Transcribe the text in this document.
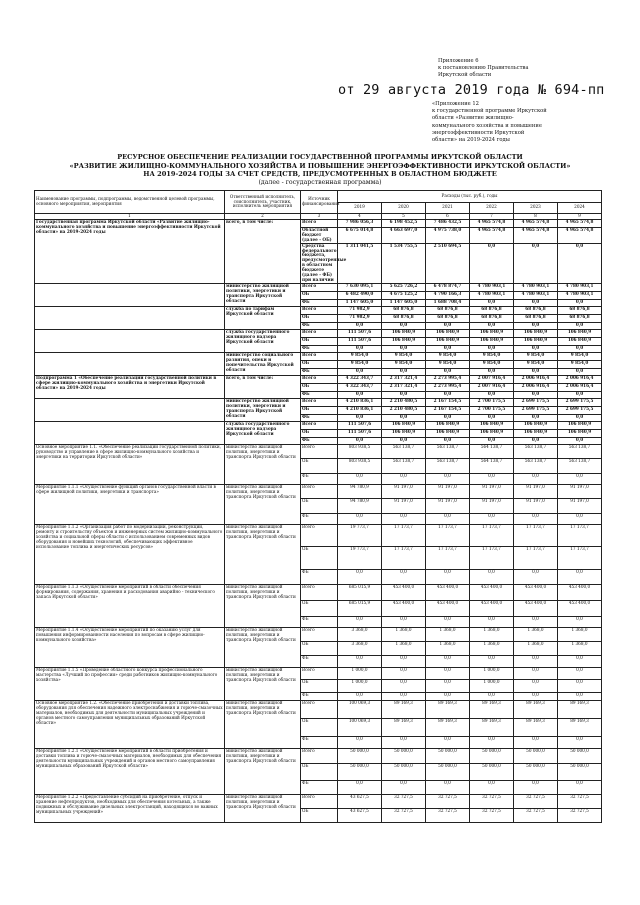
Приложение 6
к постановлению Правительства
Иркутской области
от 29 августа 2019 года № 694-пп
«Приложение 12
к государственной программе Иркутской
области «Развитие жилищно-
коммунального хозяйства и повышение
энергоэффективности Иркутской
области» на 2019-2024 годы
РЕСУРСНОЕ ОБЕСПЕЧЕНИЕ РЕАЛИЗАЦИИ ГОСУДАРСТВЕННОЙ ПРОГРАММЫ ИРКУТСКОЙ ОБЛАСТИ
«РАЗВИТИЕ ЖИЛИЩНО-КОММУНАЛЬНОГО ХОЗЯЙСТВА И ПОВЫШЕНИЕ ЭНЕРГОЭФФЕКТИВНОСТИ ИРКУТСКОЙ ОБЛАСТИ»
НА 2019-2024 ГОДЫ ЗА СЧЕТ СРЕДСТВ, ПРЕДУСМОТРЕННЫХ В ОБЛАСТНОМ БЮДЖЕТЕ
(далее - государственная программа)
Наименование программы, подпрограммы, ведомственной целевой программы, основного мероприятия, мероприятия	Ответственный исполнитель, соисполнитель, участник, исполнитель мероприятия	Источник финансирования	Расходы (тыс. руб.), годы					
			2019	2020	2021	2022	2023	2024
1	2	3	4	5	6	7	8	9
Государственная программа Иркутской области «Развитие жилищно-коммунального хозяйства и повышение энергоэффективности Иркутской области» на 2019-2024 годы	всего, в том числе:	Всего	7 986 056,3	6 198 452,5	7 486 432,5	4 965 574,8	4 965 574,8	4 965 574,8
		Областной бюджет (далее - ОБ)	6 675 014,8	4 663 697,0	4 975 738,0	4 965 574,8	4 965 574,8	4 965 574,8
		Средства федерального бюджета, предусмотренные в областном бюджете (далее - ФБ) при наличии	1 311 041,5	1 534 755,5	2 510 694,5	0,0	0,0	0,0
	министерство жилищной политики, энергетики и транспорта Иркутской области	Всего	7 630 095,1	5 625 726,2	6 478 874,7	4 780 903,1	4 780 903,1	4 780 903,1
		ОБ	6 482 490,0	4 675 125,2	4 790 166,3	4 780 903,1	4 780 903,1	4 780 903,1
		ФБ	1 147 605,0	1 147 605,0	1 688 708,4	0,0	0,0	0,0
	служба по тарифам Иркутской области	Всего	71 982,9	68 876,8	68 876,8	68 876,8	68 876,8	68 876,8
		ОБ	71 982,9	68 876,8	68 876,8	68 876,8	68 876,8	68 876,8
		ФБ	0,0	0,0	0,0	0,0	0,0	0,0
	служба государственного жилищного надзора Иркутской области	Всего	111 507,6	106 840,9	106 840,9	106 840,9	106 840,9	106 840,9
		ОБ	111 507,6	106 840,9	106 840,9	106 840,9	106 840,9	106 840,9
		ФБ	0,0	0,0	0,0	0,0	0,0	0,0
	министерство социального развития, опеки и попечительства Иркутской области	Всего	9 854,0	9 854,0	9 854,0	9 854,0	9 854,0	9 854,0
		ОБ	9 854,0	9 854,0	9 854,0	9 854,0	9 854,0	9 854,0
		ФБ	0,0	0,0	0,0	0,0	0,0	0,0
Подпрограмма 1 «Обеспечение реализации государственной политики в сфере жилищно-коммунального хозяйства и энергетики Иркутской области» на 2019-2024 годы	всего, в том числе:	Всего	4 322 343,7	2 317 321,4	2 273 995,4	2 007 916,4	2 006 916,4	2 006 916,4
		ОБ	4 322 343,7	2 317 321,4	2 273 995,4	2 007 916,4	2 006 916,4	2 006 916,4
		ФБ	0,0	0,0	0,0	0,0	0,0	0,0
	министерство жилищной политики, энергетики и транспорта Иркутской области	Всего	4 210 836,1	2 210 480,5	2 167 154,5	2 700 175,5	2 699 175,5	2 699 175,5
		ОБ	4 210 836,1	2 210 480,5	2 167 154,5	2 700 175,5	2 699 175,5	2 699 175,5
		ФБ	0,0	0,0	0,0	0,0	0,0	0,0
	служба государственного жилищного надзора Иркутской области	Всего	111 507,6	106 840,9	106 840,9	106 840,9	106 840,9	106 840,9
		ОБ	111 507,6	106 840,9	106 840,9	106 840,9	106 840,9	106 840,9
		ФБ	0,0	0,0	0,0	0,0	0,0	0,0
Основное мероприятие 1.1. «Обеспечение реализации государственной политики, руководство и управление в сфере жилищно-коммунального хозяйства и энергетики на территории Иркутской области»	министерство жилищной политики, энергетики и транспорта Иркутской области	Всего	803 938,5	563 138,7	563 138,7	564 138,7	563 138,7	563 138,7
		ОБ	803 938,5	563 138,7	563 138,7	564 138,7	563 138,7	563 138,7
		ФБ	0,0	0,0	0,0	0,0	0,0	0,0
Мероприятие 1.1.1 «Осуществление функций органов государственной власти в сфере жилищной политики, энергетики и транспорта»	министерство жилищной политики, энергетики и транспорта Иркутской области	Всего	94 780,9	91 197,0	91 197,0	91 197,0	91 197,0	91 197,0
		ОБ	94 780,9	91 197,0	91 197,0	91 197,0	91 197,0	91 197,0
		ФБ	0,0	0,0	0,0	0,0	0,0	0,0
Мероприятие 1.1.2 «Организация работ по модернизации, реконструкции, ремонту и строительству объектов и инженерных систем жилищно-коммунального хозяйства и социальной сферы области с использованием современных видов оборудования и новейших технологий, обеспечивающих эффективное использование топлива и энергетических ресурсов»	министерство жилищной политики, энергетики и транспорта Иркутской области	Всего	19 773,7	17 173,7	17 173,7	17 173,7	17 173,7	17 173,7
		ОБ	19 773,7	17 173,7	17 173,7	17 173,7	17 173,7	17 173,7
		ФБ	0,0	0,0	0,0	0,0	0,0	0,0
Мероприятие 1.1.3 «Осуществление мероприятий в области обеспечения формирования, содержания, хранения и расходования аварийно - технического запаса Иркутской области»	министерство жилищной политики, энергетики и транспорта Иркутской области	Всего	685 015,9	453 400,0	453 400,0	453 400,0	453 400,0	453 400,0
		ОБ	685 015,9	453 400,0	453 400,0	453 400,0	453 400,0	453 400,0
		ФБ	0,0	0,0	0,0	0,0	0,0	0,0
Мероприятие 1.1.4 «Осуществление мероприятий по оказанию услуг для повышения информированности населения по вопросам в сфере жилищно-коммунального хозяйства»	министерство жилищной политики, энергетики и транспорта Иркутской области	Всего	3 368,0	1 368,0	1 368,0	1 368,0	1 368,0	1 368,0
		ОБ	3 368,0	1 368,0	1 368,0	1 368,0	1 368,0	1 368,0
		ФБ	0,0	0,0	0,0	0,0	0,0	0,0
Мероприятие 1.1.5 «Проведение областного конкурса профессионального мастерства «Лучший по профессии» среди работников жилищно-коммунального хозяйства»	министерство жилищной политики, энергетики и транспорта Иркутской области	Всего	1 000,0	0,0	0,0	1 000,0	0,0	0,0
		ОБ	1 000,0	0,0	0,0	1 000,0	0,0	0,0
		ФБ	0,0	0,0	0,0	0,0	0,0	0,0
Основное мероприятие 1.2. «Обеспечение приобретения и доставки топлива, оборудования для обеспечения надежного электроснабжения и горюче-смазочных материалов, необходимых для деятельности муниципальных учреждений и органов местного самоуправления муниципальных образований Иркутской области»	министерство жилищной политики, энергетики и транспорта Иркутской области	Всего	100 069,3	89 169,3	89 169,3	89 169,3	89 169,3	89 169,3
		ОБ	100 069,3	89 169,3	89 169,3	89 169,3	89 169,3	89 169,3
		ФБ	0,0	0,0	0,0	0,0	0,0	0,0
Мероприятие 1.2.1 «Осуществление мероприятий в области приобретения и доставки топлива и горюче-смазочных материалов, необходимых для обеспечения деятельности муниципальных учреждений и органов местного самоуправления муниципальных образований Иркутской области»	министерство жилищной политики, энергетики и транспорта Иркутской области	Всего	50 000,0	50 000,0	50 000,0	50 000,0	50 000,0	50 000,0
		ОБ	50 000,0	50 000,0	50 000,0	50 000,0	50 000,0	50 000,0
		ФБ	0,0	0,0	0,0	0,0	0,0	0,0
Мероприятие 1.2.2 «Предоставление субсидий на приобретение, отпуск и хранение нефтепродуктов, необходимых для обеспечения котельных, а также подвижных и обслуживание дизельных электростанций, находящихся во важных муниципальных учреждений»	министерство жилищной политики, энергетики и транспорта Иркутской области	Всего	43 627,5	32 727,5	32 727,5	32 727,5	32 727,5	32 727,5
		ОБ	43 627,5	32 727,5	32 727,5	32 727,5	32 727,5	32 727,5
